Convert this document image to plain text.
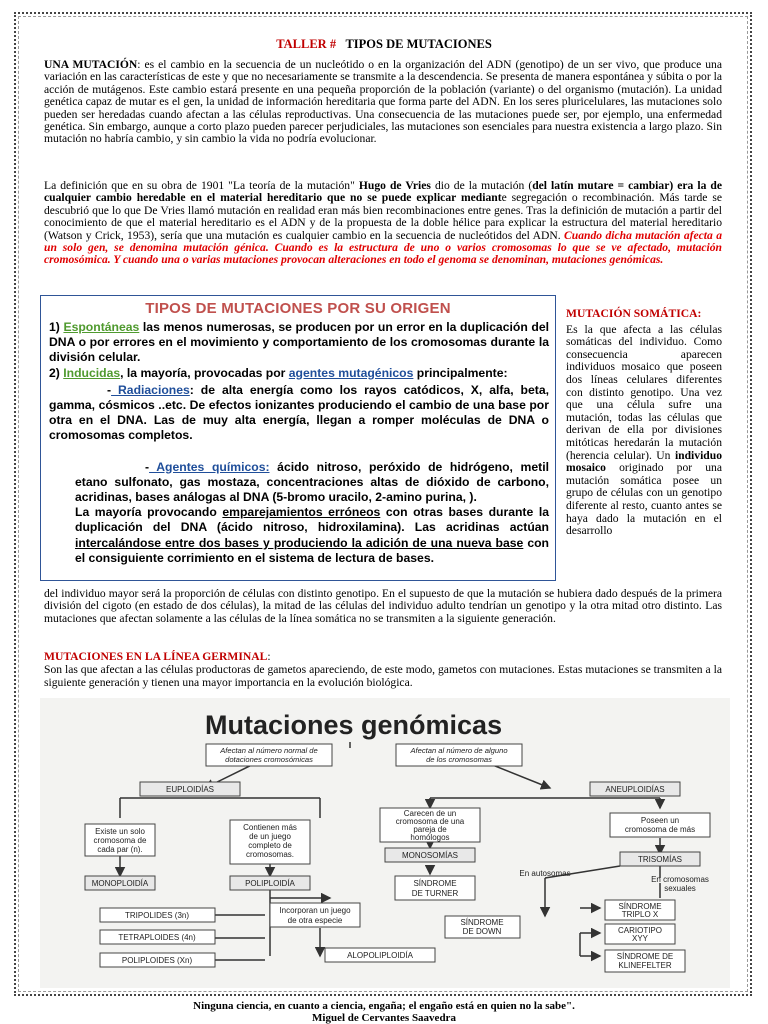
TALLER # TIPOS DE MUTACIONES

UNA MUTACIÓN: es el cambio en la secuencia de un nucleótido o en la organización del ADN (genotipo) de un ser vivo, que produce una variación en las características de este y que no necesariamente se transmite a la descendencia. Se presenta de manera espontánea y súbita o por la acción de mutágenos. Este cambio estará presente en una pequeña proporción de la población (variante) o del organismo (mutación). La unidad genética capaz de mutar es el gen, la unidad de información hereditaria que forma parte del ADN. En los seres pluricelulares, las mutaciones solo pueden ser heredadas cuando afectan a las células reproductivas. Una consecuencia de las mutaciones puede ser, por ejemplo, una enfermedad genética. Sin embargo, aunque a corto plazo pueden parecer perjudiciales, las mutaciones son esenciales para nuestra existencia a largo plazo. Sin mutación no habría cambio, y sin cambio la vida no podría evolucionar.

La definición que en su obra de 1901 "La teoría de la mutación" Hugo de Vries dio de la mutación (del latín mutare = cambiar) era la de cualquier cambio heredable en el material hereditario que no se puede explicar mediante segregación o recombinación. Más tarde se descubrió que lo que De Vries llamó mutación en realidad eran más bien recombinaciones entre genes. Tras la definición de mutación a partir del conocimiento de que el material hereditario es el ADN y de la propuesta de la doble hélice para explicar la estructura del material hereditario (Watson y Crick, 1953), sería que una mutación es cualquier cambio en la secuencia de nucleótidos del ADN. Cuando dicha mutación afecta a un solo gen, se denomina mutación génica. Cuando es la estructura de uno o varios cromosomas lo que se ve afectado, mutación cromosómica. Y cuando una o varias mutaciones provocan alteraciones en todo el genoma se denominan, mutaciones genómicas.

TIPOS DE MUTACIONES POR SU ORIGEN

1) Espontáneas las menos numerosas, se producen por un error en la duplicación del DNA o por errores en el movimiento y comportamiento de los cromosomas durante la división celular.

2) Inducidas, la mayoría, provocadas por agentes mutagénicos principalmente:

- Radiaciones: de alta energía como los rayos catódicos, X, alfa, beta, gamma, cósmicos ..etc. De efectos ionizantes produciendo el cambio de una base por otra en el DNA. Las de muy alta energía, llegan a romper moléculas de DNA o cromosomas completos.

- Agentes químicos: ácido nitroso, peróxido de hidrógeno, metil etano sulfonato, gas mostaza, concentraciones altas de dióxido de carbono, acridinas, bases análogas al DNA (5-bromo uracilo, 2-amino purina, ).

La mayoría provocando emparejamientos erróneos con otras bases durante la duplicación del DNA (ácido nitroso, hidroxilamina). Las acridinas actúan intercalándose entre dos bases y produciendo la adición de una nueva base con el consiguiente corrimiento en el sistema de lectura de bases.

MUTACIÓN SOMÁTICA:

Es la que afecta a las células somáticas del individuo. Como consecuencia aparecen individuos mosaico que poseen dos líneas celulares diferentes con distinto genotipo. Una vez que una célula sufre una mutación, todas las células que derivan de ella por divisiones mitóticas heredarán la mutación (herencia celular). Un individuo mosaico originado por una mutación somática posee un grupo de células con un genotipo diferente al resto, cuanto antes se haya dado la mutación en el desarrollo

del individuo mayor será la proporción de células con distinto genotipo. En el supuesto de que la mutación se hubiera dado después de la primera división del cigoto (en estado de dos células), la mitad de las células del individuo adulto tendrían un genotipo y la otra mitad otro distinto. Las mutaciones que afectan solamente a las células de la línea somática no se transmiten a la siguiente generación.

MUTACIONES EN LA LÍNEA GERMINAL:

Son las que afectan a las células productoras de gametos apareciendo, de este modo, gametos con mutaciones. Estas mutaciones se transmiten a la siguiente generación y tienen una mayor importancia en la evolución biológica.

Mutaciones genómicas
Afectan al número normal de
dotaciones cromosómicas
Afectan al número de alguno
de los cromosomas
EUPLOIDÍAS	ANEUPLOIDÍAS
Existe un solo
cromosoma de
cada par (n).
Contienen más
de un juego
completo de
cromosomas.
MONOPLOIDÍA	POLIPLOIDÍA
TRIPOLIDES (3n)
TETRAPLOIDES (4n)
POLIPLOIDES (Xn)
Incorporan un juego
de otra especie
ALOPOLIPLOIDÍA
Carecen de un
cromosoma de una
pareja de
homólogos
Poseen un
cromosoma de más
MONOSOMÍAS	TRISOMÍAS
SÍNDROME
DE TURNER
En autosomas
En cromosomas
sexuales
SÍNDROME
DE DOWN
SÍNDROME
TRIPLO X
CARIOTIPO
XYY
SÍNDROME DE
KLINEFELTER
Ninguna ciencia, en cuanto a ciencia, engaña; el engaño está en quien no la sabe".
Miguel de Cervantes Saavedra
